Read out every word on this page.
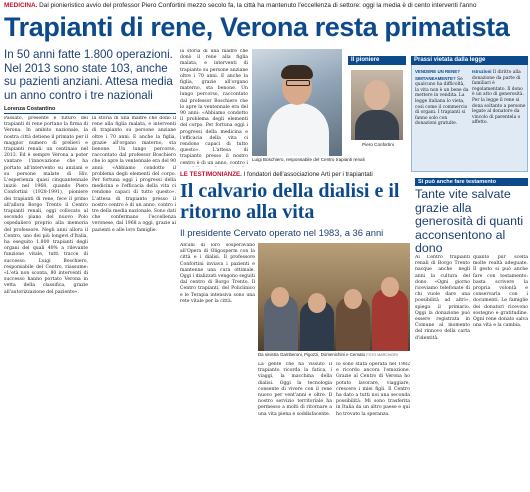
MEDICINA. Dal pionieristico avvio del professor Piero Confortini mezzo secolo fa, la città ha mantenuto l'eccellenza di settore: oggi la media è di cento interventi l'anno
Trapianti di rene, Verona resta primatista
In 50 anni fatte 1.800 operazioni. Nel 2013 sono state 103, anche su pazienti anziani. Attesa media un anno contro i tre nazionali
Lorenza Costantino
Passato, presente e futuro dei trapianti di rene portano la firma di Verona. In ambito nazionale, la nostra città detiene il primato per il maggior numero di prelievi e trapianti renali: un centinaio nel 2013. Ed è sempre Verona a poter vantare l'innovazione che ha portato all'intervento su anziani e su persone malate di Hiv. L'esperienza quasi cinquantennale iniziò nel 1968, quando Piero Confortini (1928-1991), pioniere dei trapianti di rene, fece il primo all'allora Borgo Trento il Centro trapianti renali, oggi collocato al secondo piano del nuovo Polo ospedaliero proprio alla memoria del professore. Negli anni allora il Centro, uno dei più longevi d'Italia, ha eseguito 1.800 trapianti degli organi dei quali 40% a rilevante funzione vitale, tutti tracce di successo. Luigi Boschiero, responsabile del Centro, riassume: «L'età non sconta, 80 interventi di successo hanno portato Verona in vetta della classifica, grazie all'autorizzazione del paziente».
la storia di una madre che donò il rene alla figlia malata, e interventi di trapianto su persone anziane oltre i 70 anni. E anche la figlia, grazie all'organo materno, sta benone. Un lungo percorso, raccontato dal professor Boschiero che lo apre la ventennale era del 90 anni: «Abbiamo condotto il problema degli elementi del corpo. Per fortuna oggi i progressi della medicina e l'efficacia della vita ci rendono capaci di tutto questo». L'attesa di trapianto presso il nostro centro è di un anno, contro i tre della media nazionale. Sono dati che confermano l'eccellenza veronese, dal 1968 a oggi, grazie ai pazienti e alle loro famiglie.
la storia di una madre che donò il rene alla figlia malata, e interventi di trapianto su persone anziane oltre i 70 anni. E anche la figlia, grazie all'organo materno, sta benone. Un lungo percorso, raccontato dal professor Boschiero che lo apre la ventennale era del 90 anni: «Abbiamo condotto il problema degli elementi del corpo. Per fortuna oggi i progressi della medicina e l'efficacia della vita ci rendono capaci di tutto questo». L'attesa di trapianto presso il nostro centro è di un anno, contro i
Luigi Boschiero, responsabile del Centro trapianti renali
Il pioniere
Piero Confortini
VENDERE UN RENE? SIMTANEAMENTE? Se qualcuno ha difficoltà, la vita non è un bene da mettere in vendita. La legge italiana lo vieta, così come il commercio di organi. I trapianti si fanno solo con donazioni gratuite.
Istruzioni Il diritto alla donazione da parte di familiari è regolamentato. Il dono è un atto di generosità. Per la legge il rene si dona soltanto a persone legate al donatore da vincolo di parentela o affetto.
Prassi vietata dalla legge
LE TESTIMONIANZE. I fondatori dell'associazione Arti per i trapiantati
Il calvario della dialisi e il ritorno alla vita
Il presidente Cervato operato nel 1983, a 36 anni
Alcuni di loro sosperavano all'Opera di Oligosperm con la città e i dialisi. Il professore Confortini inviava i pazienti e mantenne una cura ottimale. Oggi i dializzati vengono seguiti dal centro di Borgo Trento. Il Centro trapianti, del Policlinico e le Terapia intensiva sono una rete vitale per la città.
La gente che ha vissuto il trapianto ricorda la fatica, i viaggi, la macchina della dialisi. Oggi la tecnologia consente di vivere con il rene nuovo per vent'anni e oltre. Il nostro servizio territoriale ha permesso a molti di ritornare a una vita piena e soddisfacente.
Io sono stata operata nel 1982 e ricordo ancora l'emozione. Grazie al Centro di Verona ho potuto lavorare, viaggiare, crescere i miei figli. Il Centro ha dato a tutti noi una seconda possibilità. Mi sono trasferita in Italia da un altro paese e qui ho trovato la speranza.
Da sinistra Gamberoni, Pigozzi, Domenichini e Cervato FOTO MARCHIORI
Si può anche fare testamento
Tante vite salvate grazie alla generosità di quanti acconsentono al dono
Al Centro trapianti renali di Borgo Trento nacque anche negli anni la cultura del dono. «Ogni giorno riceviamo telefonate di chi vuole dare una possibilità ad altri», spiega il primario. Oggi la donazione può essere registrata in Comune al momento del rinnovo della carta d'identità.
quanto pur scelta molte realtà adeguate. Il gesto si può anche fare con testamento: basta scrivere la propria volontà e conservarla con i documenti. Le famiglie dei donatori ricevono sostegno e gratitudine. Ogni rene donato salva una vita e la cambia.
